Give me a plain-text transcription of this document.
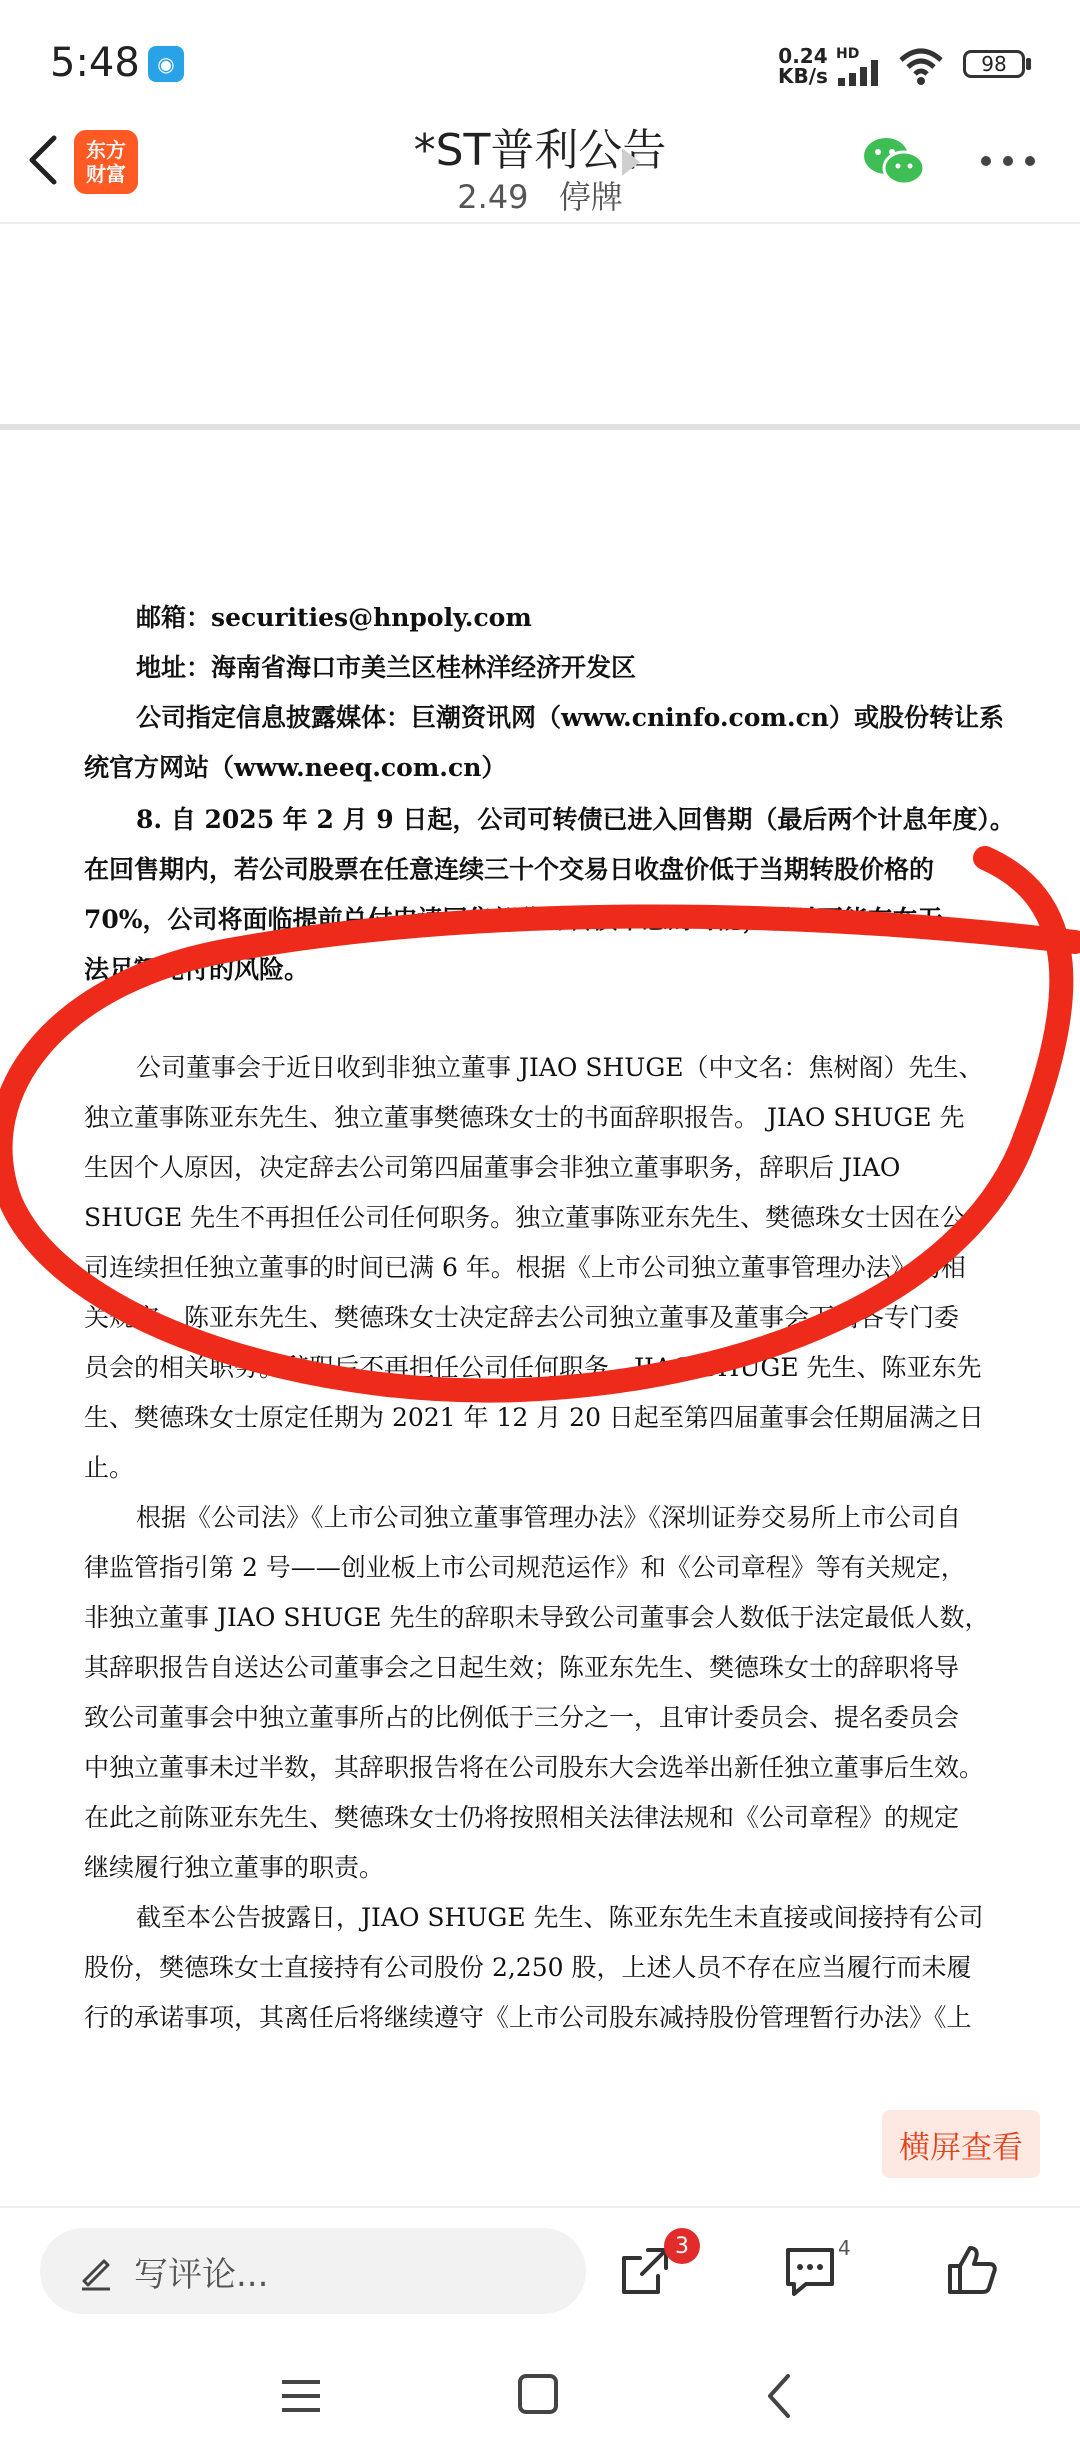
5:48 ◉	0.24
KB/s
HD	98
*ST普利公告
2.49 停牌
东方
财富
邮箱：securities@hnpoly.com
地址：海南省海口市美兰区桂林洋经济开发区
公司指定信息披露媒体：巨潮资讯网（www.cninfo.com.cn）或股份转让系
统官方网站（www.neeq.com.cn）
8. 自 2025 年 2 月 9 日起，公司可转债已进入回售期（最后两个计息年度）。
在回售期内，若公司股票在任意连续三十个交易日收盘价低于当期转股价格的
70%，公司将面临提前兑付申请回售部分可转债本息的可能，届时可能存在无
法足额兑付的风险。
公司董事会于近日收到非独立董事 JIAO SHUGE（中文名：焦树阁）先生、
独立董事陈亚东先生、独立董事樊德珠女士的书面辞职报告。 JIAO SHUGE 先
生因个人原因，决定辞去公司第四届董事会非独立董事职务，辞职后 JIAO
SHUGE 先生不再担任公司任何职务。独立董事陈亚东先生、樊德珠女士因在公
司连续担任独立董事的时间已满 6 年。根据《上市公司独立董事管理办法》的相
关规定，陈亚东先生、樊德珠女士决定辞去公司独立董事及董事会下属各专门委
员会的相关职务。辞职后不再担任公司任何职务。JIAO SHUGE 先生、陈亚东先
生、樊德珠女士原定任期为 2021 年 12 月 20 日起至第四届董事会任期届满之日
止。
根据《公司法》《上市公司独立董事管理办法》《深圳证券交易所上市公司自
律监管指引第 2 号——创业板上市公司规范运作》和《公司章程》等有关规定，
非独立董事 JIAO SHUGE 先生的辞职未导致公司董事会人数低于法定最低人数，
其辞职报告自送达公司董事会之日起生效；陈亚东先生、樊德珠女士的辞职将导
致公司董事会中独立董事所占的比例低于三分之一，且审计委员会、提名委员会
中独立董事未过半数，其辞职报告将在公司股东大会选举出新任独立董事后生效。
在此之前陈亚东先生、樊德珠女士仍将按照相关法律法规和《公司章程》的规定
继续履行独立董事的职责。
截至本公告披露日，JIAO SHUGE 先生、陈亚东先生未直接或间接持有公司
股份，樊德珠女士直接持有公司股份 2,250 股，上述人员不存在应当履行而未履
行的承诺事项，其离任后将继续遵守《上市公司股东减持股份管理暂行办法》《上
横屏查看
写评论...
3	4
